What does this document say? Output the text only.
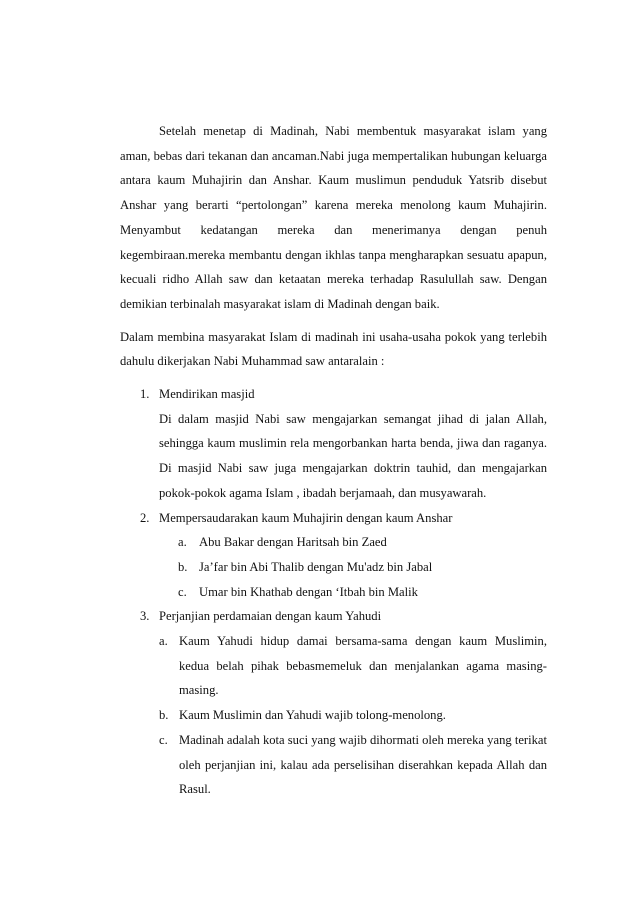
Setelah menetap di Madinah, Nabi membentuk masyarakat islam yang aman, bebas dari tekanan dan ancaman.Nabi juga mempertalikan hubungan keluarga antara kaum Muhajirin dan Anshar. Kaum muslimun penduduk Yatsrib disebut Anshar yang berarti “pertolongan” karena mereka menolong kaum Muhajirin. Menyambut kedatangan mereka dan menerimanya dengan penuh kegembiraan.mereka membantu dengan ikhlas tanpa mengharapkan sesuatu apapun, kecuali ridho Allah saw dan ketaatan mereka terhadap Rasulullah saw. Dengan demikian terbinalah masyarakat islam di Madinah dengan baik.

Dalam membina masyarakat Islam di madinah ini usaha-usaha pokok yang terlebih dahulu dikerjakan Nabi Muhammad saw antaralain :

1. Mendirikan masjid
Di dalam masjid Nabi saw mengajarkan semangat jihad di jalan Allah, sehingga kaum muslimin rela mengorbankan harta benda, jiwa dan raganya. Di masjid Nabi saw juga mengajarkan doktrin tauhid, dan mengajarkan pokok-pokok agama Islam , ibadah berjamaah, dan musyawarah.
2. Mempersaudarakan kaum Muhajirin dengan kaum Anshar
a. Abu Bakar dengan Haritsah bin Zaed
b. Ja’far bin Abi Thalib dengan Mu'adz bin Jabal
c. Umar bin Khathab dengan ‘Itbah bin Malik
3. Perjanjian perdamaian dengan kaum Yahudi
a. Kaum Yahudi hidup damai bersama-sama dengan kaum Muslimin, kedua belah pihak bebasmemeluk dan menjalankan agama masing-masing.
b. Kaum Muslimin dan Yahudi wajib tolong-menolong.
c. Madinah adalah kota suci yang wajib dihormati oleh mereka yang terikat oleh perjanjian ini, kalau ada perselisihan diserahkan kepada Allah dan Rasul.
